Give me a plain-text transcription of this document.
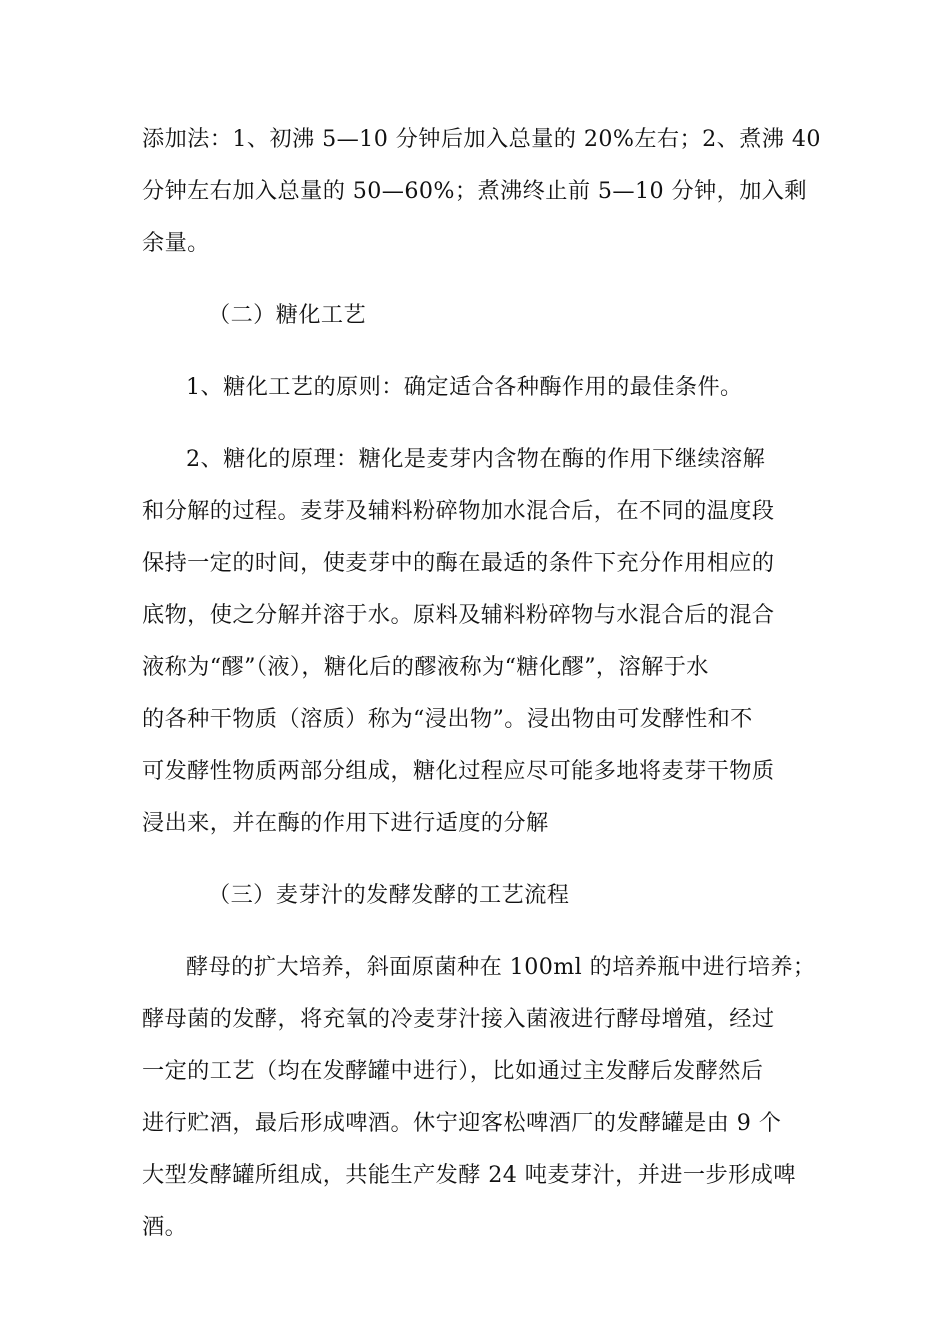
添加法：1、初沸 5—10 分钟后加入总量的 20%左右；2、煮沸 40
分钟左右加入总量的 50—60%；煮沸终止前 5—10 分钟，加入剩
余量。
（二）糖化工艺
1、糖化工艺的原则：确定适合各种酶作用的最佳条件。
2、糖化的原理：糖化是麦芽内含物在酶的作用下继续溶解
和分解的过程。麦芽及辅料粉碎物加水混合后，在不同的温度段
保持一定的时间，使麦芽中的酶在最适的条件下充分作用相应的
底物，使之分解并溶于水。原料及辅料粉碎物与水混合后的混合
液称为“醪”（液），糖化后的醪液称为“糖化醪”，溶解于水
的各种干物质（溶质）称为“浸出物”。浸出物由可发酵性和不
可发酵性物质两部分组成，糖化过程应尽可能多地将麦芽干物质
浸出来，并在酶的作用下进行适度的分解
（三）麦芽汁的发酵发酵的工艺流程
酵母的扩大培养，斜面原菌种在 100ml 的培养瓶中进行培养；
酵母菌的发酵，将充氧的冷麦芽汁接入菌液进行酵母增殖，经过
一定的工艺（均在发酵罐中进行），比如通过主发酵后发酵然后
进行贮酒，最后形成啤酒。休宁迎客松啤酒厂的发酵罐是由 9 个
大型发酵罐所组成，共能生产发酵 24 吨麦芽汁，并进一步形成啤
酒。
